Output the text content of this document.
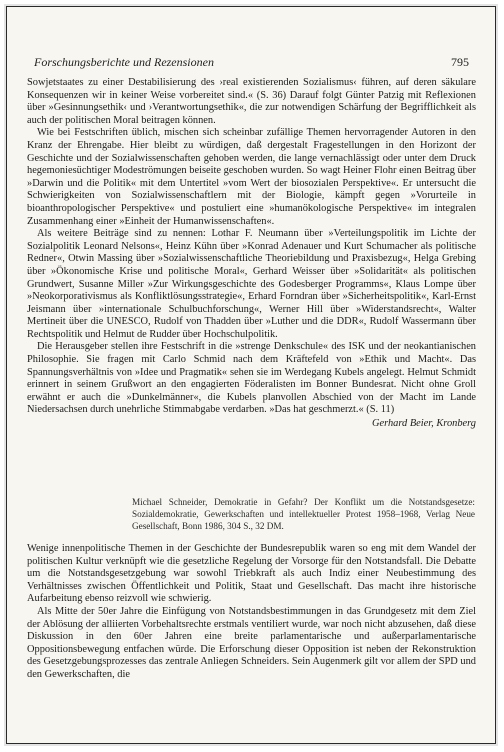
Forschungsberichte und Rezensionen	795

Sowjetstaates zu einer Destabilisierung des ›real existierenden Sozialismus‹ führen, auf deren säkulare Konsequenzen wir in keiner Weise vorbereitet sind.« (S. 36) Darauf folgt Günter Patzig mit Reflexionen über »Gesinnungsethik‹ und ›Verantwortungsethik«, die zur notwendigen Schärfung der Begrifflichkeit als auch der politischen Moral beitragen können.

Wie bei Festschriften üblich, mischen sich scheinbar zufällige Themen hervorragender Autoren in den Kranz der Ehrengabe. Hier bleibt zu würdigen, daß dergestalt Fragestellungen in den Horizont der Geschichte und der Sozialwissenschaften gehoben werden, die lange vernachlässigt oder unter dem Druck hegemoniesüchtiger Modeströmungen beiseite geschoben wurden. So wagt Heiner Flohr einen Beitrag über »Darwin und die Politik« mit dem Untertitel »vom Wert der biosozialen Perspektive«. Er untersucht die Schwierigkeiten von Sozialwissenschaftlern mit der Biologie, kämpft gegen »Vorurteile in bioanthropologischer Perspektive« und postuliert eine »humanökologische Perspektive« im integralen Zusammenhang einer »Einheit der Humanwissenschaften«.

Als weitere Beiträge sind zu nennen: Lothar F. Neumann über »Verteilungspolitik im Lichte der Sozialpolitik Leonard Nelsons«, Heinz Kühn über »Konrad Adenauer und Kurt Schumacher als politische Redner«, Otwin Massing über »Sozialwissenschaftliche Theoriebildung und Praxisbezug«, Helga Grebing über »Ökonomische Krise und politische Moral«, Gerhard Weisser über »Solidarität« als politischen Grundwert, Susanne Miller »Zur Wirkungsgeschichte des Godesberger Programms«, Klaus Lompe über »Neokorporativismus als Konfliktlösungsstrategie«, Erhard Forndran über »Sicherheitspolitik«, Karl-Ernst Jeismann über »internationale Schulbuchforschung«, Werner Hill über »Widerstandsrecht«, Walter Mertineit über die UNESCO, Rudolf von Thadden über »Luther und die DDR«, Rudolf Wassermann über Rechtspolitik und Helmut de Rudder über Hochschulpolitik.

Die Herausgeber stellen ihre Festschrift in die »strenge Denkschule« des ISK und der neokantianischen Philosophie. Sie fragen mit Carlo Schmid nach dem Kräftefeld von »Ethik und Macht«. Das Spannungsverhältnis von »Idee und Pragmatik« sehen sie im Werdegang Kubels angelegt. Helmut Schmidt erinnert in seinem Grußwort an den engagierten Föderalisten im Bonner Bundesrat. Nicht ohne Groll erwähnt er auch die »Dunkelmänner«, die Kubels planvollen Abschied von der Macht im Lande Niedersachsen durch unehrliche Stimmabgabe verdarben. »Das hat geschmerzt.« (S. 11)

Gerhard Beier, Kronberg
Michael Schneider, Demokratie in Gefahr? Der Konflikt um die Notstandsgesetze: Sozialdemokratie, Gewerkschaften und intellektueller Protest 1958–1968, Verlag Neue Gesellschaft, Bonn 1986, 304 S., 32 DM.

Wenige innenpolitische Themen in der Geschichte der Bundesrepublik waren so eng mit dem Wandel der politischen Kultur verknüpft wie die gesetzliche Regelung der Vorsorge für den Notstandsfall. Die Debatte um die Notstandsgesetzgebung war sowohl Triebkraft als auch Indiz einer Neubestimmung des Verhältnisses zwischen Öffentlichkeit und Politik, Staat und Gesellschaft. Das macht ihre historische Aufarbeitung ebenso reizvoll wie schwierig.

Als Mitte der 50er Jahre die Einfügung von Notstandsbestimmungen in das Grundgesetz mit dem Ziel der Ablösung der alliierten Vorbehaltsrechte erstmals ventiliert wurde, war noch nicht abzusehen, daß diese Diskussion in den 60er Jahren eine breite parlamentarische und außerparlamentarische Oppositionsbewegung entfachen würde. Die Erforschung dieser Opposition ist neben der Rekonstruktion des Gesetzgebungsprozesses das zentrale Anliegen Schneiders. Sein Augenmerk gilt vor allem der SPD und den Gewerkschaften, die
